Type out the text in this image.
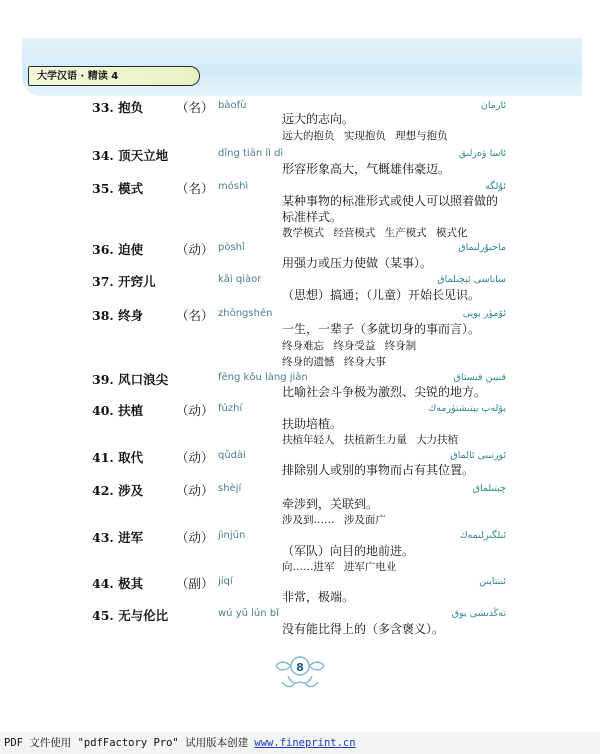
大学汉语 · 精读 4
33. 抱负	（名） bàofù	ئارمان
远大的志向。
远大的抱负 实现抱负 理想与抱负
34. 顶天立地	dǐng tiān lì dì	ئاسا ۋەرلىق
形容形象高大，气概雄伟豪迈。
35. 模式	（名） móshì	ئۇلگە
某种事物的标准形式或使人可以照着做的
标准样式。
教学模式 经营模式 生产模式 模式化
36. 迫使	（动） pòshǐ	ماجبۇرلىماق
用强力或压力使做（某事）。
37. 开窍儿	kāi qiàor	ساناسى ئېچىلماق
（思想）搞通；（儿童）开始长见识。
38. 终身	（名） zhōngshēn	ئۆمۈر بويى
一生，一辈子（多就切身的事而言）。
终身难忘 终身受益 终身制
终身的遗憾 终身大事
39. 风口浪尖	fēng kǒu làng jiān	قىيىن قىستاق
比喻社会斗争极为激烈、尖锐的地方。
40. 扶植	（动） fúzhí	يۆلەپ يېتىشتۈرمەك
扶助培植。
扶植年轻人 扶植新生力量 大力扶植
41. 取代	（动） qǔdài	ئورنىنى ئالماق
排除别人或别的事物而占有其位置。
42. 涉及	（动） shèjí	چېتىلماق
牵涉到，关联到。
涉及到…… 涉及面广
43. 进军	（动） jìnjūn	ئىلگىرلىمەك
（军队）向目的地前进。
向……进军 进军广电业
44. 极其	（副） jíqí	ئىنتايىن
非常，极端。
45. 无与伦比	wú yǔ lún bǐ	تەڭدىشى يوق
没有能比得上的（多含褒义）。
8
PDF 文件使用 "pdfFactory Pro" 试用版本创建 www.fineprint.cn
